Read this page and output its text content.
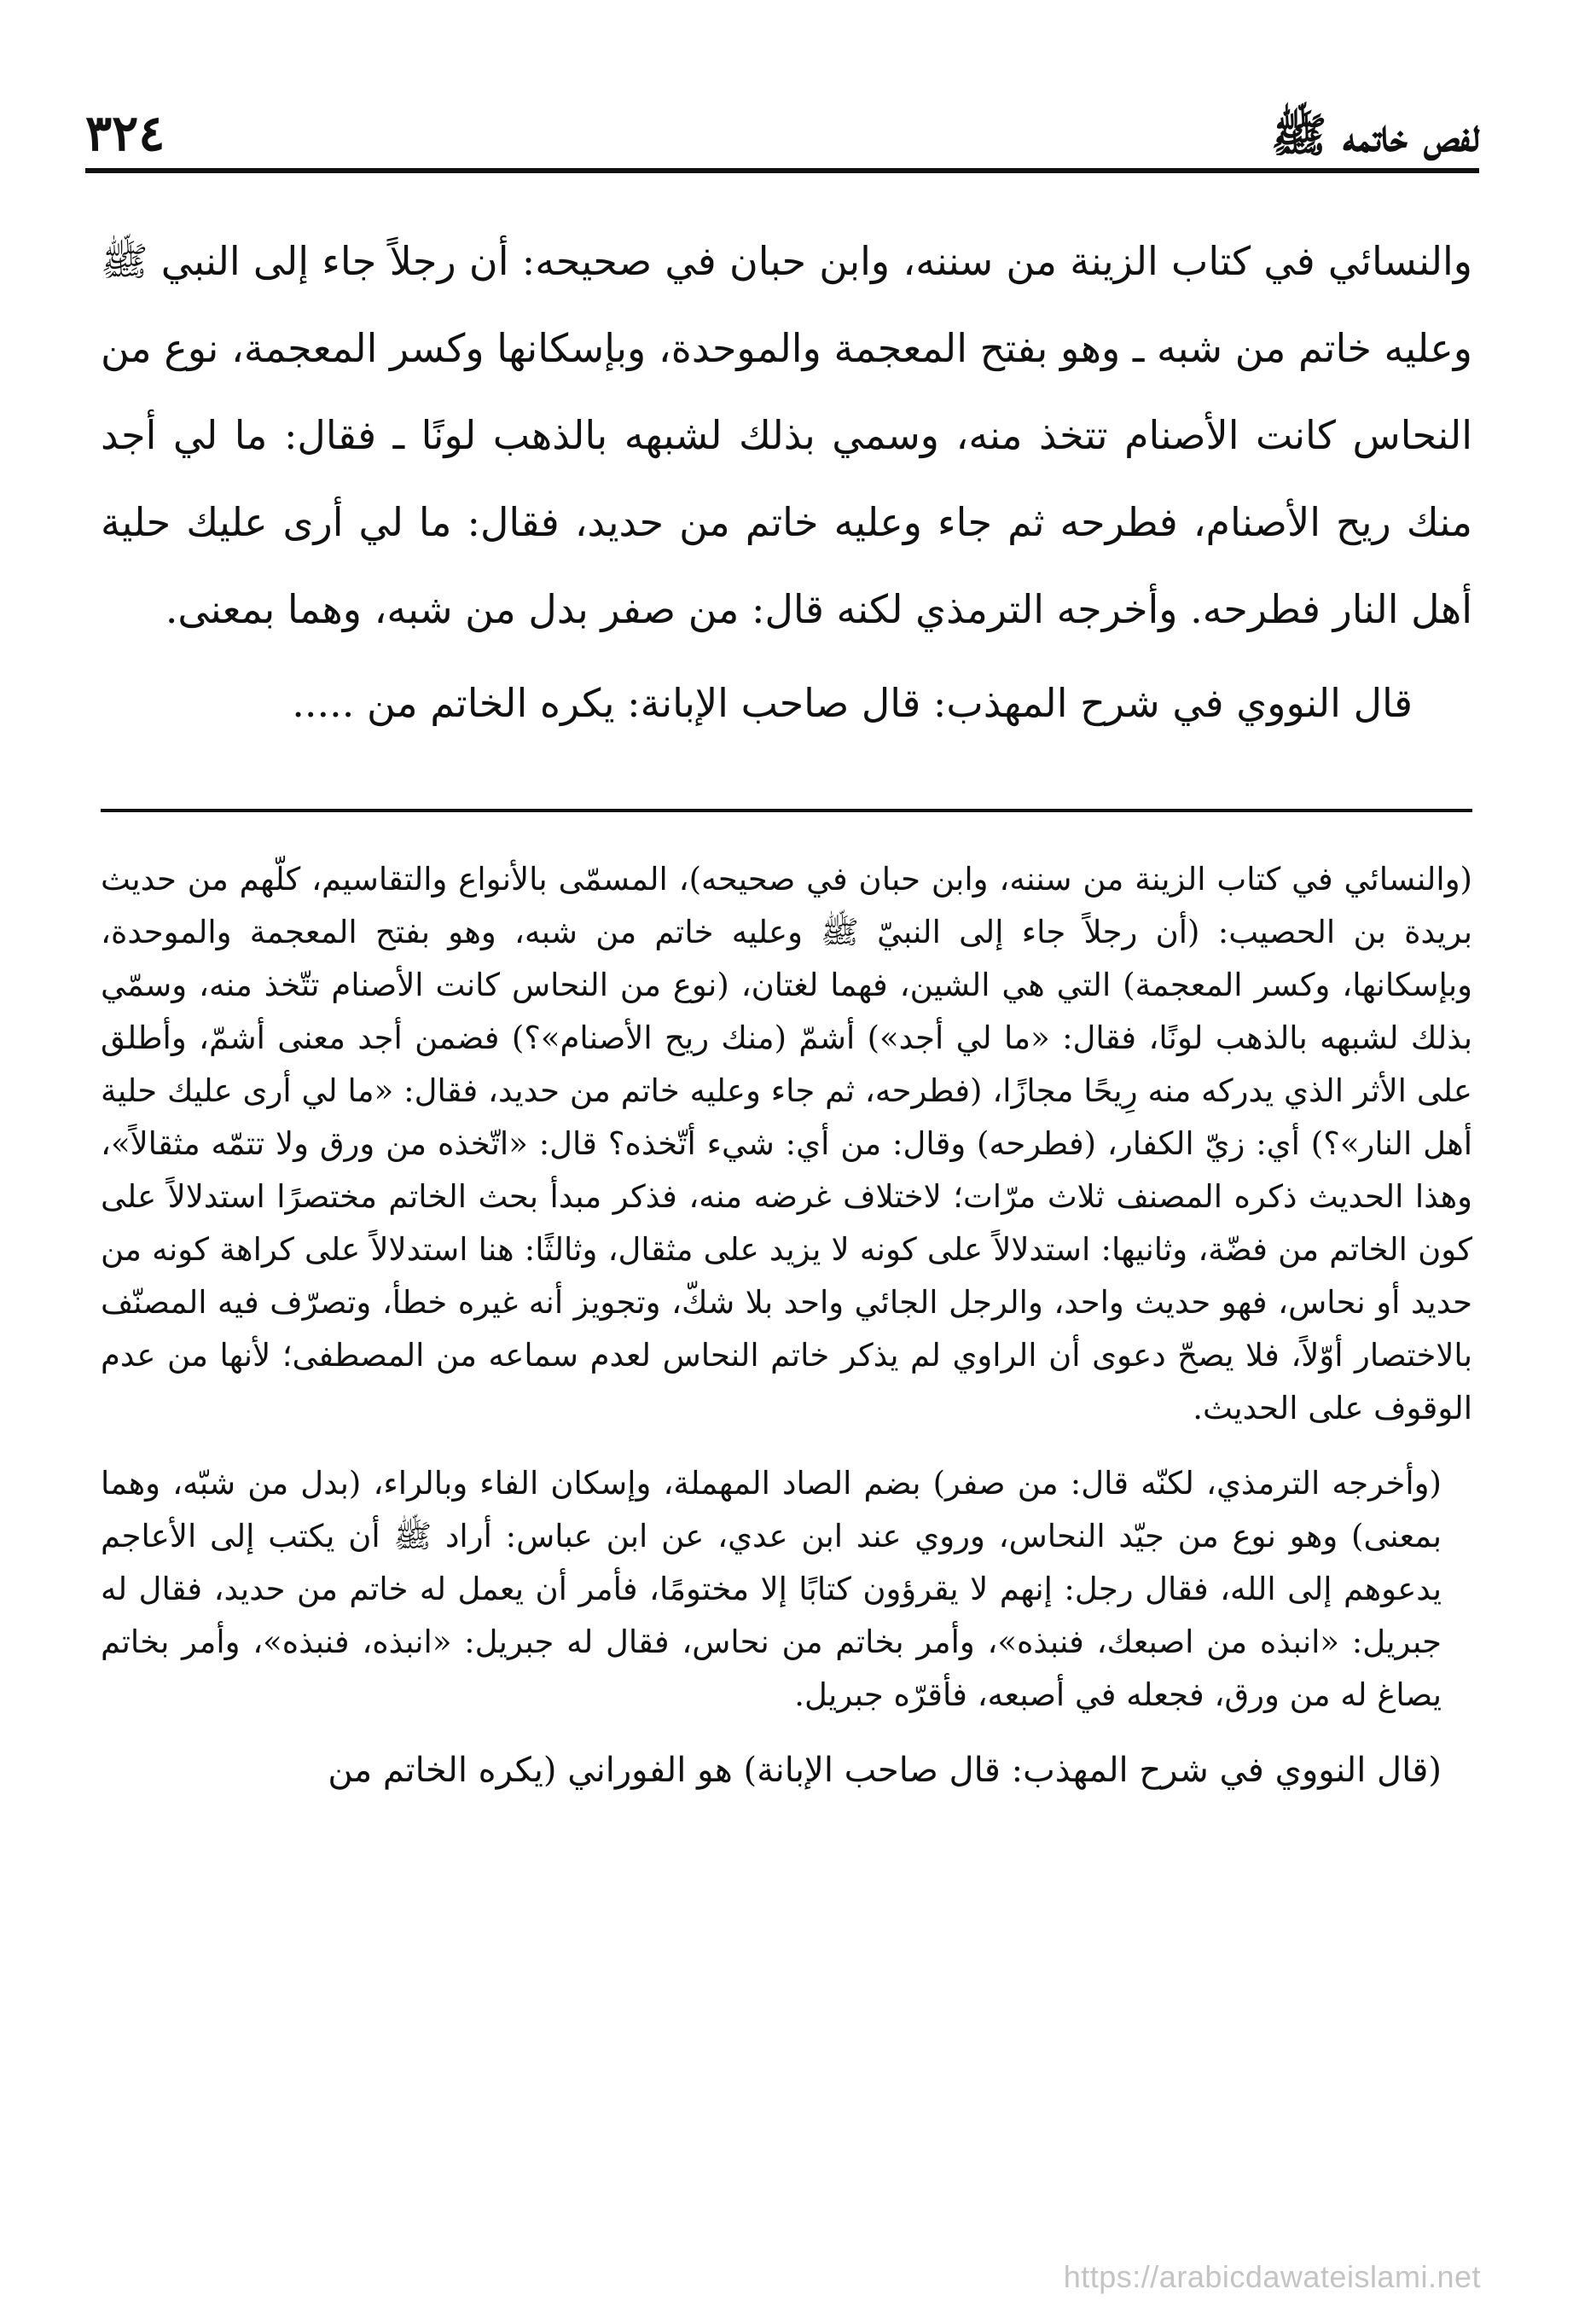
لفص خاتمه ﷺ
٣٢٤

والنسائي في كتاب الزينة من سننه، وابن حبان في صحيحه: أن رجلاً جاء إلى النبي ﷺ وعليه خاتم من شبه ـ وهو بفتح المعجمة والموحدة، وبإسكانها وكسر المعجمة، نوع من النحاس كانت الأصنام تتخذ منه، وسمي بذلك لشبهه بالذهب لونًا ـ فقال: ما لي أجد منك ريح الأصنام، فطرحه ثم جاء وعليه خاتم من حديد، فقال: ما لي أرى عليك حلية أهل النار فطرحه. وأخرجه الترمذي لكنه قال: من صفر بدل من شبه، وهما بمعنى.

قال النووي في شرح المهذب: قال صاحب الإبانة: يكره الخاتم من .....

(والنسائي في كتاب الزينة من سننه، وابن حبان في صحيحه)، المسمّى بالأنواع والتقاسيم، كلّهم من حديث بريدة بن الحصيب: (أن رجلاً جاء إلى النبيّ ﷺ وعليه خاتم من شبه، وهو بفتح المعجمة والموحدة، وبإسكانها، وكسر المعجمة) التي هي الشين، فهما لغتان، (نوع من النحاس كانت الأصنام تتّخذ منه، وسمّي بذلك لشبهه بالذهب لونًا، فقال: «ما لي أجد») أشمّ (منك ريح الأصنام»؟) فضمن أجد معنى أشمّ، وأطلق على الأثر الذي يدركه منه رِيحًا مجازًا، (فطرحه، ثم جاء وعليه خاتم من حديد، فقال: «ما لي أرى عليك حلية أهل النار»؟) أي: زيّ الكفار، (فطرحه) وقال: من أي: شيء أتّخذه؟ قال: «اتّخذه من ورق ولا تتمّه مثقالاً»، وهذا الحديث ذكره المصنف ثلاث مرّات؛ لاختلاف غرضه منه، فذكر مبدأ بحث الخاتم مختصرًا استدلالاً على كون الخاتم من فضّة، وثانيها: استدلالاً على كونه لا يزيد على مثقال، وثالثًا: هنا استدلالاً على كراهة كونه من حديد أو نحاس، فهو حديث واحد، والرجل الجائي واحد بلا شكّ، وتجويز أنه غيره خطأ، وتصرّف فيه المصنّف بالاختصار أوّلاً، فلا يصحّ دعوى أن الراوي لم يذكر خاتم النحاس لعدم سماعه من المصطفى؛ لأنها من عدم الوقوف على الحديث.

(وأخرجه الترمذي، لكنّه قال: من صفر) بضم الصاد المهملة، وإسكان الفاء وبالراء، (بدل من شبّه، وهما بمعنى) وهو نوع من جيّد النحاس، وروي عند ابن عدي، عن ابن عباس: أراد ﷺ أن يكتب إلى الأعاجم يدعوهم إلى الله، فقال رجل: إنهم لا يقرؤون كتابًا إلا مختومًا، فأمر أن يعمل له خاتم من حديد، فقال له جبريل: «انبذه من اصبعك، فنبذه»، وأمر بخاتم من نحاس، فقال له جبريل: «انبذه، فنبذه»، وأمر بخاتم يصاغ له من ورق، فجعله في أصبعه، فأقرّه جبريل.

(قال النووي في شرح المهذب: قال صاحب الإبانة) هو الفوراني (يكره الخاتم من

https://arabicdawateislami.net
